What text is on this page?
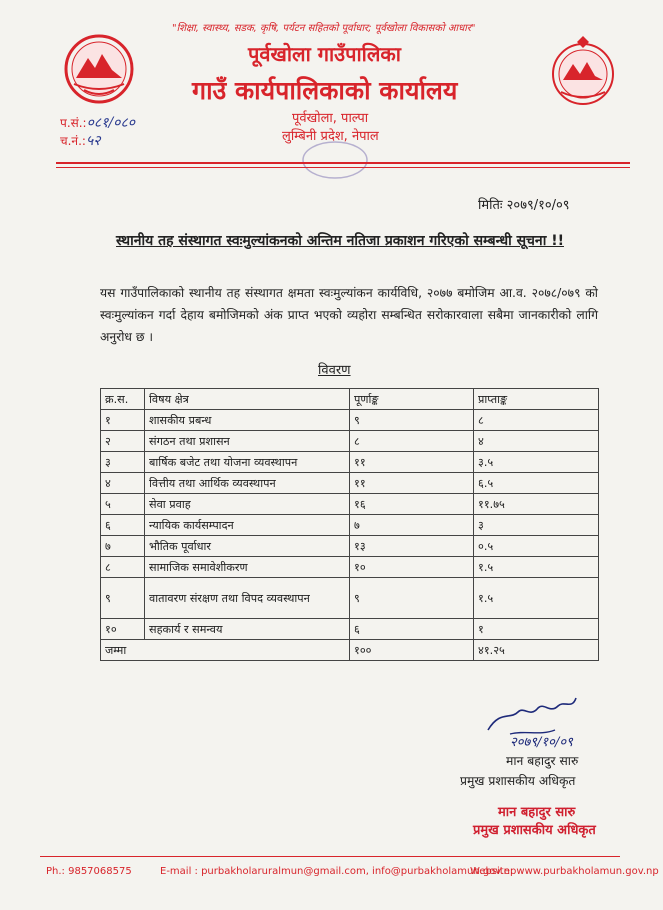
"शिक्षा, स्वास्थ्य, सडक, कृषि, पर्यटन सहितको पूर्वाधार; पूर्वखोला विकासको आधार"
पूर्वखोला गाउँपालिका
गाउँ कार्यपालिकाको कार्यालय
पूर्वखोला, पाल्पा
लुम्बिनी प्रदेश, नेपाल
प.सं.:०८१/०८०
च.नं.:५२
मितिः २०७९/१०/०९
स्थानीय तह संस्थागत स्वःमुल्यांकनको अन्तिम नतिजा प्रकाशन गरिएको सम्बन्धी सूचना !!
यस गाउँपालिकाको स्थानीय तह संस्थागत क्षमता स्वःमुल्यांकन कार्यविधि, २०७७ बमोजिम आ.व. २०७८/०७९ को स्वःमुल्यांकन गर्दा देहाय बमोजिमको अंक प्राप्त भएको व्यहोरा सम्बन्धित सरोकारवाला सबैमा जानकारीको लागि अनुरोध छ ।
विवरण
क्र.स.	विषय क्षेत्र	पूर्णाङ्क	प्राप्ताङ्क
१	शासकीय प्रबन्ध	९	८
२	संगठन तथा प्रशासन	८	४
३	बार्षिक बजेट तथा योजना व्यवस्थापन	११	३.५
४	वित्तीय तथा आर्थिक व्यवस्थापन	११	६.५
५	सेवा प्रवाह	१६	११.७५
६	न्यायिक कार्यसम्पादन	७	३
७	भौतिक पूर्वाधार	१३	०.५
८	सामाजिक समावेशीकरण	१०	१.५
९	वातावरण संरक्षण तथा विपद व्यवस्थापन	९	१.५
१०	सहकार्य र समन्वय	६	१
जम्मा		१००	४१.२५
२०७९/१०/०९
मान बहादुर सारु
प्रमुख प्रशासकीय अधिकृत
मान बहादुर सारु
प्रमुख प्रशासकीय अधिकृत
Ph.: 9857068575	E-mail : purbakholaruralmun@gmail.com, info@purbakholamun.gov.np
Website: www.purbakholamun.gov.np
